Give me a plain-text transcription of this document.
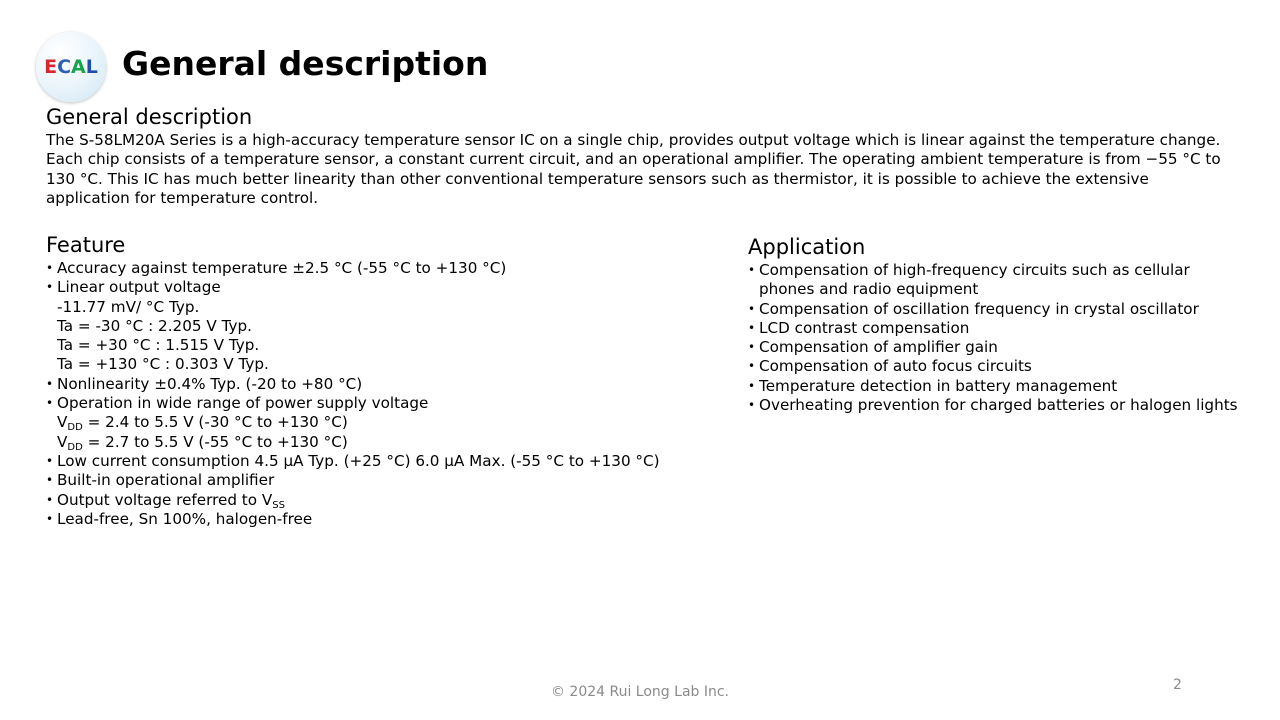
E C A L General description
General description

The S-58LM20A Series is a high-accuracy temperature sensor IC on a single chip, provides output voltage which is linear against the temperature change.
Each chip consists of a temperature sensor, a constant current circuit, and an operational amplifier. The operating ambient temperature is from −55 °C to
130 °C. This IC has much better linearity than other conventional temperature sensors such as thermistor, it is possible to achieve the extensive
application for temperature control.

Feature
• Accuracy against temperature ±2.5 °C (-55 °C to +130 °C)
• Linear output voltage
-11.77 mV/ °C Typ.
Ta = -30 °C : 2.205 V Typ.
Ta = +30 °C : 1.515 V Typ.
Ta = +130 °C : 0.303 V Typ.
• Nonlinearity ±0.4% Typ. (-20 to +80 °C)
• Operation in wide range of power supply voltage
$V_{DD} = 2.4$ to 5.5 V (-30 °C to +130 °C)
$V_{DD} = 2.7$ to 5.5 V (-55 °C to +130 °C)
• Low current consumption 4.5 µA Typ. (+25 °C) 6.0 µA Max. (-55 °C to +130 °C)
• Built-in operational amplifier
• Output voltage referred to $V_{SS}$
• Lead-free, Sn 100%, halogen-free
Application
• Compensation of high-frequency circuits such as cellular
phones and radio equipment
• Compensation of oscillation frequency in crystal oscillator
• LCD contrast compensation
• Compensation of amplifier gain
• Compensation of auto focus circuits
• Temperature detection in battery management
• Overheating prevention for charged batteries or halogen lights
© 2024 Rui Long Lab Inc.	2
